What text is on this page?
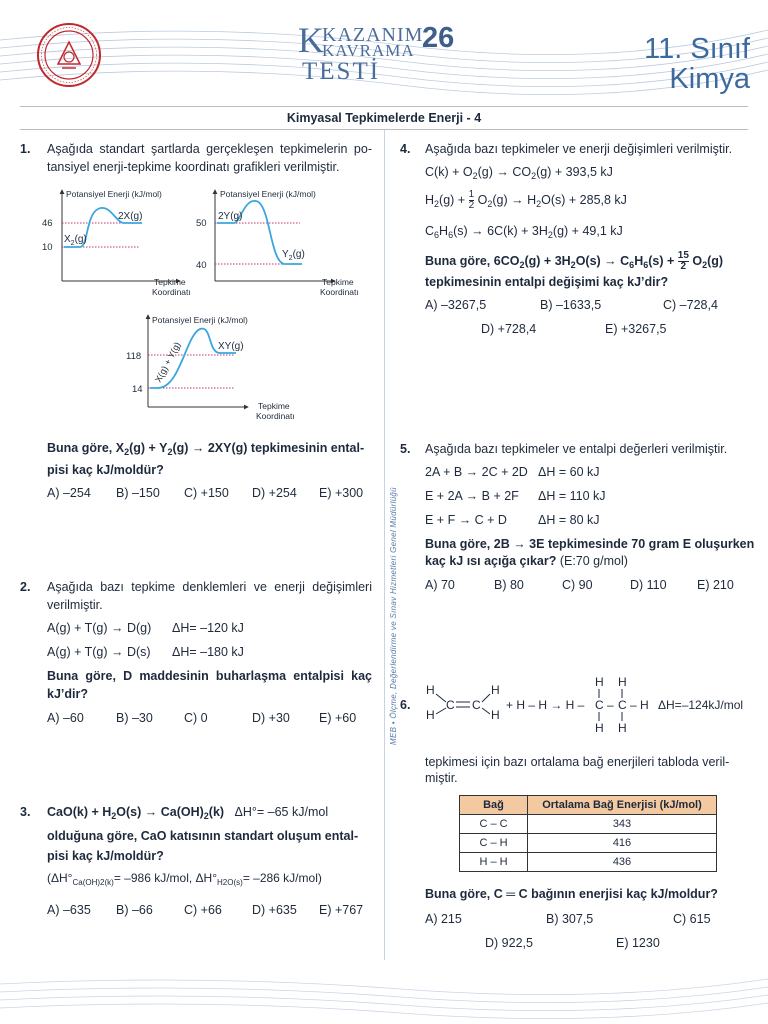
K
KAZANIM
KAVRAMA
TESTİ
26	11. Sınıf
Kimya
Kimyasal Tepkimelerde Enerji - 4
MEB • Ölçme, Değerlendirme ve Sınav Hizmetleri Genel Müdürlüğü
1. Aşağıda standart şartlarda gerçekleşen tepkimelerin po-tansiyel enerji-tepkime koordinatı grafikleri verilmiştir.
Potansiyel Enerji (kJ/mol)
46
10
$X_2(g)$
2X(g)
Tepkime
Koordinatı
Potansiyel Enerji (kJ/mol)
50
40
2Y(g)
$Y_2(g)$
Tepkime
Koordinatı
Potansiyel Enerji (kJ/mol)
118
14
X(g) + Y(g)	XY(g)
Tepkime
Koordinatı
Buna göre, $X_2(g) + Y_2(g) \to 2XY(g)$ tepkimesinin ental-
pisi kaç kJ/moldür?
A) –254 B) –150 C) +150 D) +254 E) +300
2. Aşağıda bazı tepkime denklemleri ve enerji değişimleri verilmiştir.
A(g) + T(g) → D(g) ΔH= –120 kJ
A(g) + T(g) → D(s) ΔH= –180 kJ
Buna göre, D maddesinin buharlaşma entalpisi kaç kJ’dir?
A) –60	B) –30 C) 0	D) +30 E) +60
3. $CaO(k) + H_2O(s) \to Ca(OH)_2(k)$ ΔH°= –65 kJ/mol
olduğuna göre, CaO katısının standart oluşum ental-
pisi kaç kJ/moldür?
($\Delta H^\circ_{Ca(OH)2(k)}= -986$ kJ/mol, $\Delta H^\circ_{H2O(s)}= -286$ kJ/mol)
A) –635 B) –66 C) +66 D) +635 E) +767
4. Aşağıda bazı tepkimeler ve enerji değişimleri verilmiştir.
$C(k) + O_2(g) \to CO_2(g) + 393,5$ kJ
$H_2(g) + \frac{1}{2} O_2(g) \to H_2O(s) + 285,8$ kJ
$C_6H_6(s) \to 6C(k) + 3H_2(g) + 49,1$ kJ
Buna göre, $6CO_2(g) + 3H_2O(s) \to C_6H_6(s) + \frac{15}{2} O_2(g)$
tepkimesinin entalpi değişimi kaç kJ’dir?
A) –3267,5	B) –1633,5	C) –728,4
D) +728,4	E) +3267,5
5. Aşağıda bazı tepkimeler ve entalpi değerleri verilmiştir.
2A + B → 2C + 2D ΔH = 60 kJ
E + 2A → B + 2F ΔH = 110 kJ
E + F → C + D ΔH = 80 kJ
Buna göre, 2B → 3E tepkimesinde 70 gram E oluşurken
kaç kJ ısı açığa çıkar? (E:70 g/mol)
A) 70	B) 80	C) 90	D) 110 E) 210
6.
H
H
C C
H
H
+ H – H → H – C
H
H
– C
H
H
– H ΔH=–124kJ/mol
tepkimesi için bazı ortalama bağ enerjileri tabloda veril-
miştir.
Bağ	Ortalama Bağ Enerjisi (kJ/mol)
C – C	343
C – H	416
H – H	436
Buna göre, C ═ C bağının enerjisi kaç kJ/moldur?
A) 215	B) 307,5	C) 615
D) 922,5	E) 1230
